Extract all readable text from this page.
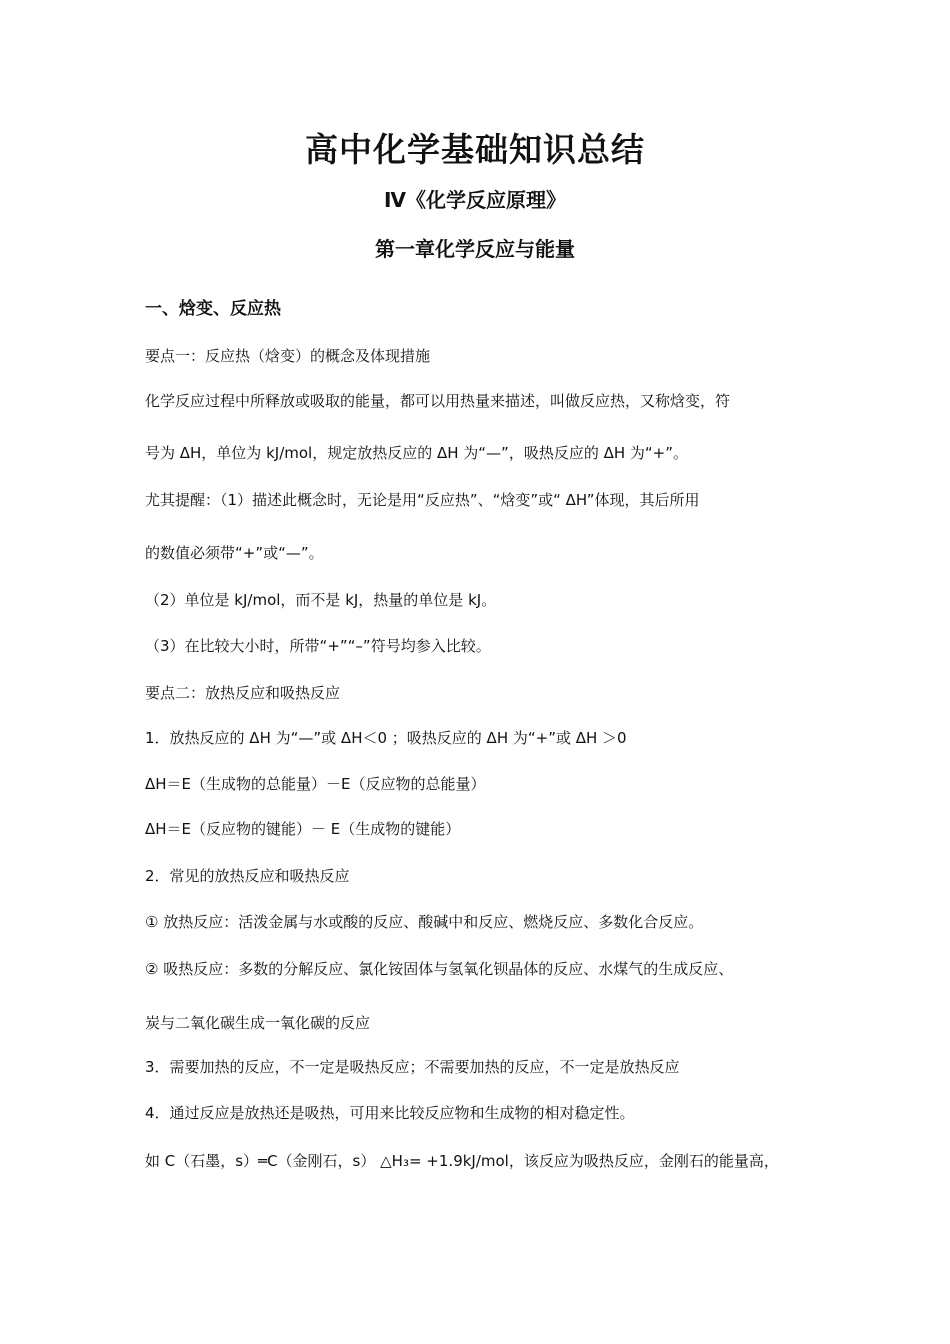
高中化学基础知识总结
Ⅳ《化学反应原理》
第一章化学反应与能量
一、焓变、反应热
要点一：反应热（焓变）的概念及体现措施
化学反应过程中所释放或吸取的能量，都可以用热量来描述，叫做反应热，又称焓变，符
号为 ΔH，单位为 kJ/mol，规定放热反应的 ΔH 为“—”，吸热反应的 ΔH 为“+”。
尤其提醒：（1）描述此概念时，无论是用“反应热”、“焓变”或“ ΔH”体现，其后所用
的数值必须带“+”或“—”。
（2）单位是 kJ/mol，而不是 kJ，热量的单位是 kJ。
（3）在比较大小时，所带“+”“–”符号均参入比较。
要点二：放热反应和吸热反应
1．放热反应的 ΔH 为“—”或 ΔH＜0 ；吸热反应的 ΔH 为“+”或 ΔH ＞0
ΔH＝E（生成物的总能量）－E（反应物的总能量）
ΔH＝E（反应物的键能）－ E（生成物的键能）
2．常见的放热反应和吸热反应
① 放热反应：活泼金属与水或酸的反应、酸碱中和反应、燃烧反应、多数化合反应。
② 吸热反应：多数的分解反应、氯化铵固体与氢氧化钡晶体的反应、水煤气的生成反应、
炭与二氧化碳生成一氧化碳的反应
3．需要加热的反应，不一定是吸热反应；不需要加热的反应，不一定是放热反应
4．通过反应是放热还是吸热，可用来比较反应物和生成物的相对稳定性。
如 C（石墨，s）═C（金刚石，s） △H₃= +1.9kJ/mol，该反应为吸热反应，金刚石的能量高，
